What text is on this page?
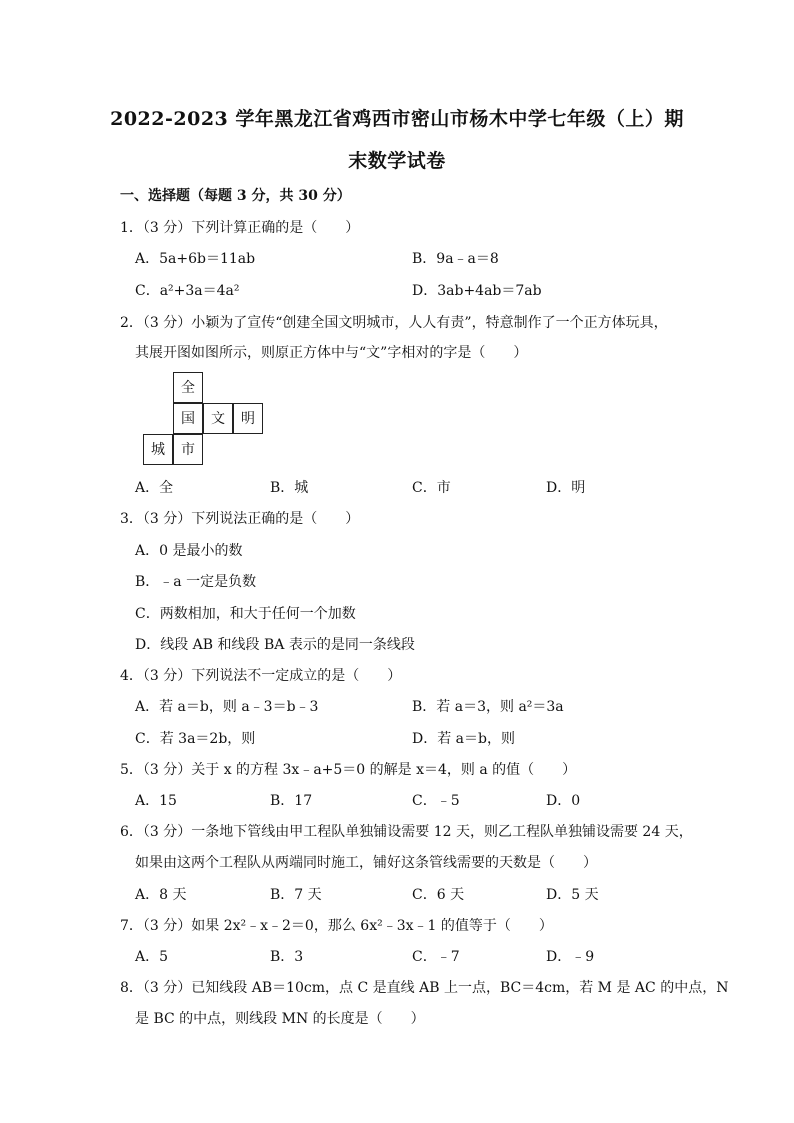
2022-2023 学年黑龙江省鸡西市密山市杨木中学七年级（上）期
末数学试卷
一、选择题（每题 3 分，共 30 分）
1．（3 分）下列计算正确的是（　　）
A．5a+6b＝11ab	B．9a﹣a＝8
C．a²+3a＝4a²	D．3ab+4ab＝7ab
2．（3 分）小颖为了宣传“创建全国文明城市，人人有责”，特意制作了一个正方体玩具，
其展开图如图所示，则原正方体中与“文”字相对的字是（　　）
全
国	文	明
城	市
A．全	B．城	C．市	D．明
3．（3 分）下列说法正确的是（　　）
A．0 是最小的数
B．﹣a 一定是负数
C．两数相加，和大于任何一个加数
D．线段 AB 和线段 BA 表示的是同一条线段
4．（3 分）下列说法不一定成立的是（　　）
A．若 a＝b，则 a﹣3＝b﹣3	B．若 a＝3，则 a²＝3a
C．若 3a＝2b，则	D．若 a＝b，则
5．（3 分）关于 x 的方程 3x﹣a+5＝0 的解是 x＝4，则 a 的值（　　）
A．15	B．17	C．﹣5	D．0
6．（3 分）一条地下管线由甲工程队单独铺设需要 12 天，则乙工程队单独铺设需要 24 天，
如果由这两个工程队从两端同时施工，铺好这条管线需要的天数是（　　）
A．8 天	B．7 天	C．6 天	D．5 天
7．（3 分）如果 2x²﹣x﹣2＝0，那么 6x²﹣3x﹣1 的值等于（　　）
A．5	B．3	C．﹣7	D．﹣9
8．（3 分）已知线段 AB＝10cm，点 C 是直线 AB 上一点，BC＝4cm，若 M 是 AC 的中点，N
是 BC 的中点，则线段 MN 的长度是（　　）
